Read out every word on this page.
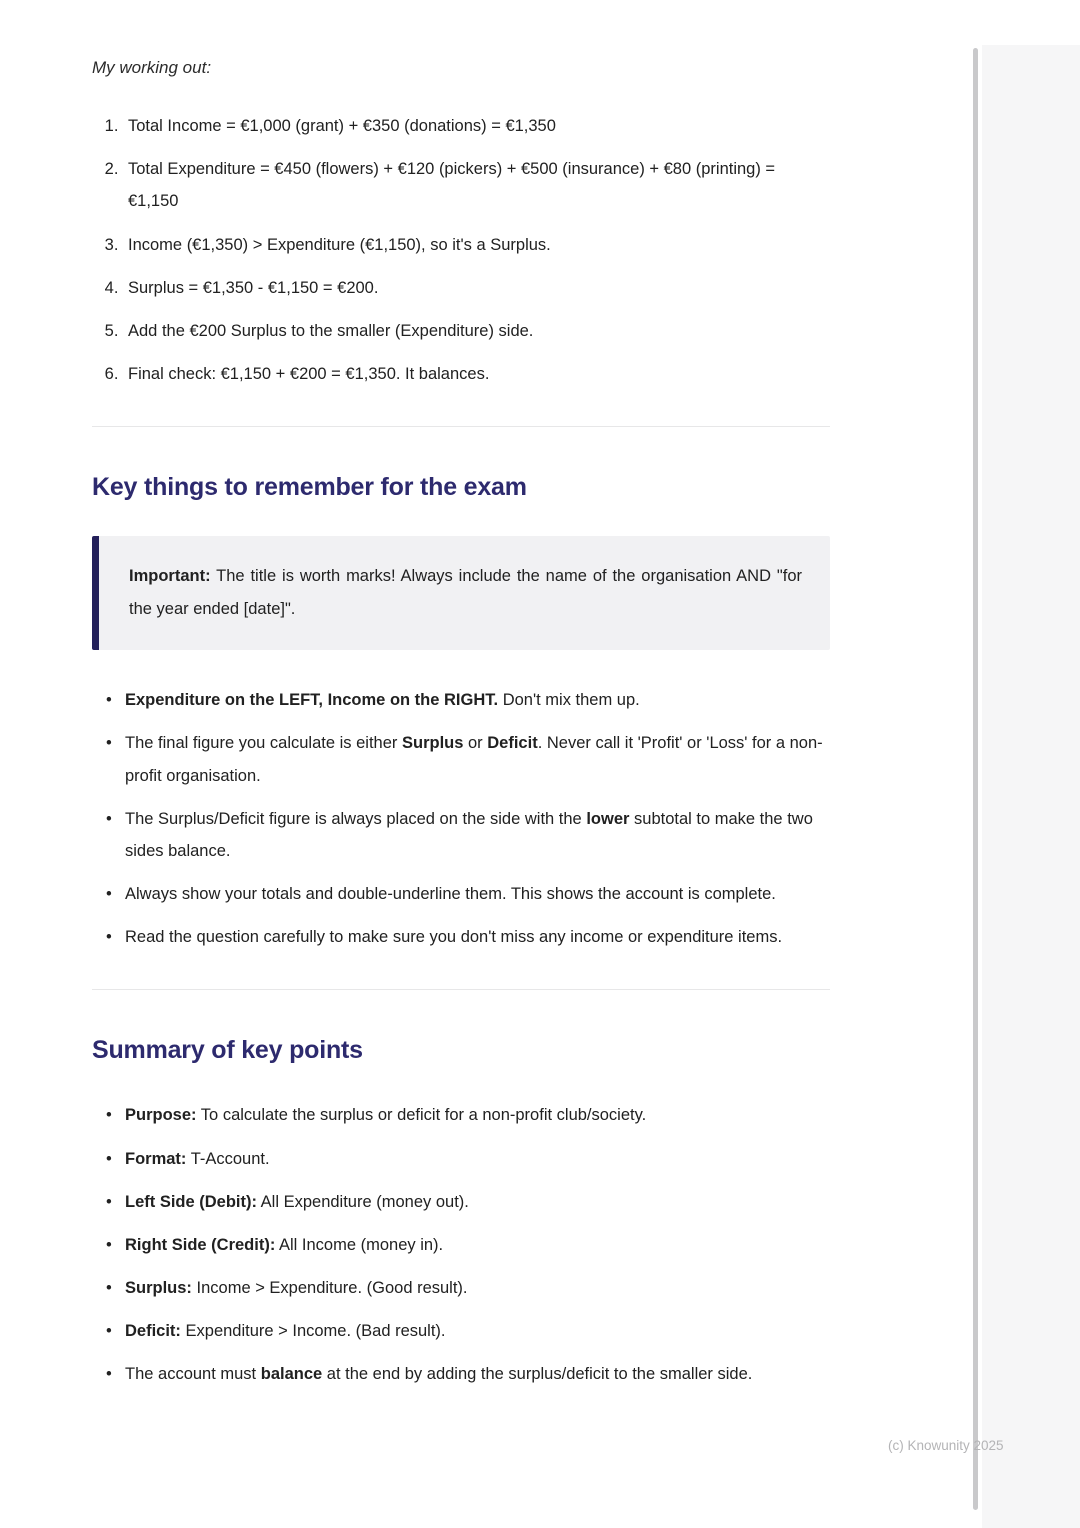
My working out:

1. Total Income = €1,000 (grant) + €350 (donations) = €1,350
2. Total Expenditure = €450 (flowers) + €120 (pickers) + €500 (insurance) + €80 (printing) = €1,150
3. Income (€1,350) > Expenditure (€1,150), so it's a Surplus.
4. Surplus = €1,350 - €1,150 = €200.
5. Add the €200 Surplus to the smaller (Expenditure) side.
6. Final check: €1,150 + €200 = €1,350. It balances.
Key things to remember for the exam
Important: The title is worth marks! Always include the name of the organisation AND "for the year ended [date]".
• Expenditure on the LEFT, Income on the RIGHT. Don't mix them up.
• The final figure you calculate is either Surplus or Deficit. Never call it 'Profit' or 'Loss' for a non-profit organisation.
• The Surplus/Deficit figure is always placed on the side with the lower subtotal to make the two sides balance.
• Always show your totals and double-underline them. This shows the account is complete.
• Read the question carefully to make sure you don't miss any income or expenditure items.
Summary of key points
• Purpose: To calculate the surplus or deficit for a non-profit club/society.
• Format: T-Account.
• Left Side (Debit): All Expenditure (money out).
• Right Side (Credit): All Income (money in).
• Surplus: Income > Expenditure. (Good result).
• Deficit: Expenditure > Income. (Bad result).
• The account must balance at the end by adding the surplus/deficit to the smaller side.
(c) Knowunity 2025
